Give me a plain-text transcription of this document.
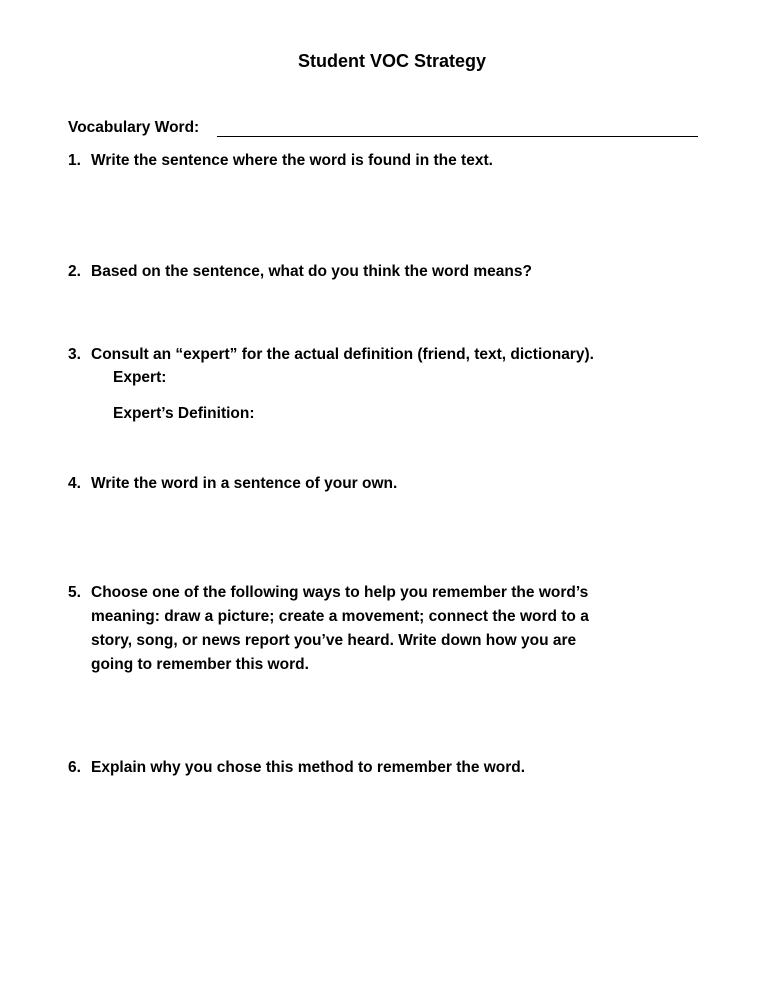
Student VOC Strategy
Vocabulary Word:
1. Write the sentence where the word is found in the text.
2. Based on the sentence, what do you think the word means?
3. Consult an “expert” for the actual definition (friend, text, dictionary).
Expert:
Expert’s Definition:
4. Write the word in a sentence of your own.
5. Choose one of the following ways to help you remember the word’s
meaning: draw a picture; create a movement; connect the word to a
story, song, or news report you’ve heard. Write down how you are
going to remember this word.
6. Explain why you chose this method to remember the word.
